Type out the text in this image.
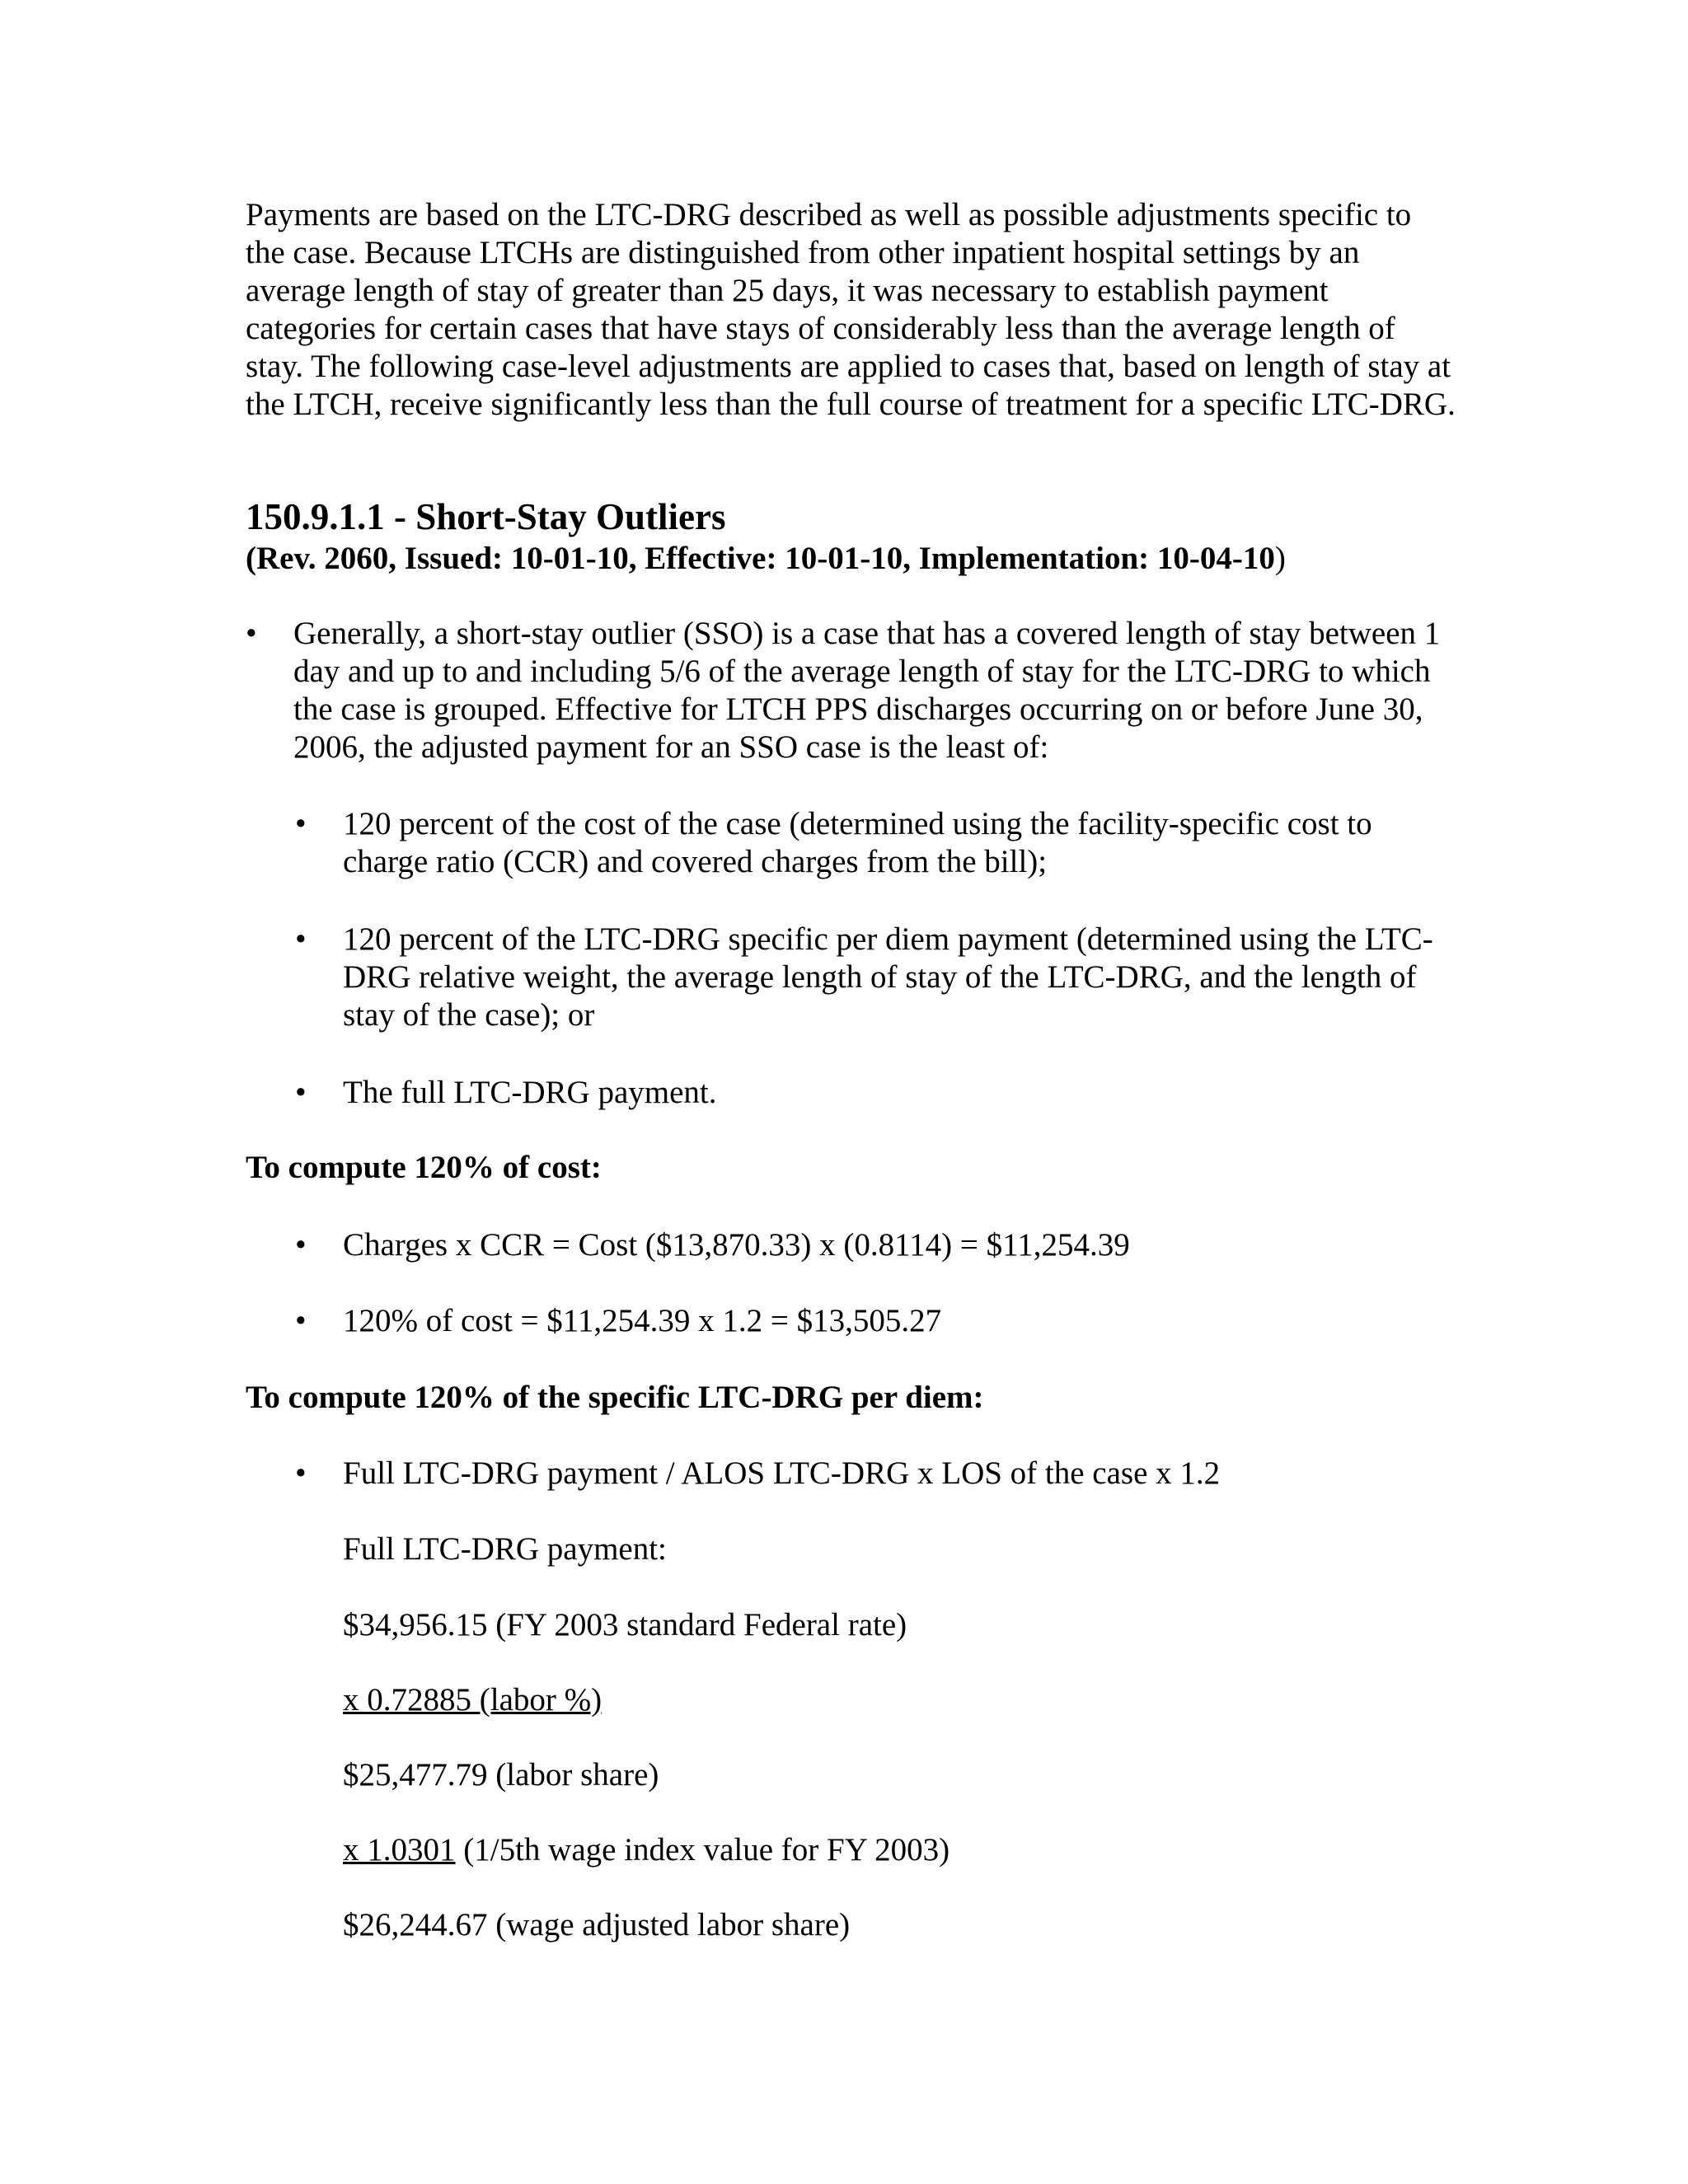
Payments are based on the LTC-DRG described as well as possible adjustments specific to the case. Because LTCHs are distinguished from other inpatient hospital settings by an average length of stay of greater than 25 days, it was necessary to establish payment categories for certain cases that have stays of considerably less than the average length of stay. The following case-level adjustments are applied to cases that, based on length of stay at the LTCH, receive significantly less than the full course of treatment for a specific LTC-DRG.

150.9.1.1 - Short-Stay Outliers

(Rev. 2060, Issued: 10-01-10, Effective: 10-01-10, Implementation: 10-04-10)

•	Generally, a short-stay outlier (SSO) is a case that has a covered length of stay between 1 day and up to and including 5/6 of the average length of stay for the LTC-DRG to which the case is grouped. Effective for LTCH PPS discharges occurring on or before June 30, 2006, the adjusted payment for an SSO case is the least of:
•	120 percent of the cost of the case (determined using the facility-specific cost to charge ratio (CCR) and covered charges from the bill);
•	120 percent of the LTC-DRG specific per diem payment (determined using the LTC-DRG relative weight, the average length of stay of the LTC-DRG, and the length of stay of the case); or
•	The full LTC-DRG payment.

To compute 120% of cost:

•	Charges x CCR = Cost ($13,870.33) x (0.8114) = $11,254.39
•	120% of cost = $11,254.39 x 1.2 = $13,505.27

To compute 120% of the specific LTC-DRG per diem:

•	Full LTC-DRG payment / ALOS LTC-DRG x LOS of the case x 1.2

Full LTC-DRG payment:

$34,956.15 (FY 2003 standard Federal rate)

x 0.72885 (labor %)

$25,477.79 (labor share)

x 1.0301 (1/5th wage index value for FY 2003)

$26,244.67 (wage adjusted labor share)
